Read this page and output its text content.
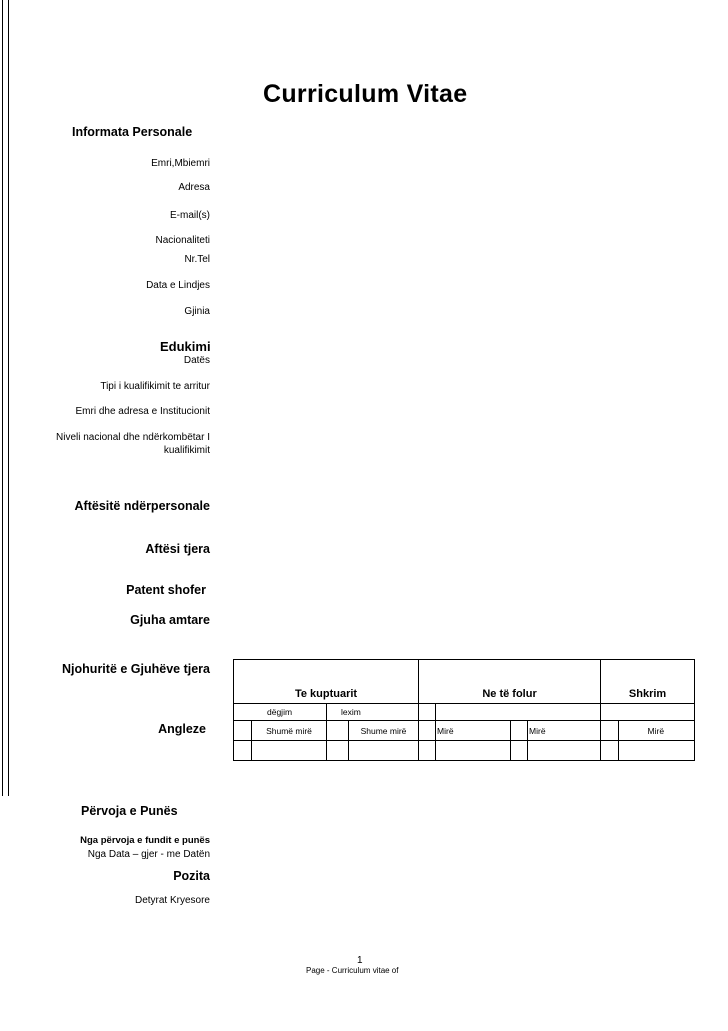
Curriculum Vitae
Informata Personale
Emri,Mbiemri
Adresa
E-mail(s)
Nacionaliteti
Nr.Tel
Data e Lindjes
Gjinia
Edukimi
Datës
Tipi i kualifikimit te arritur
Emri dhe adresa e Institucionit
Niveli nacional dhe ndërkombëtar I kualifikimit
Aftësitë ndërpersonale
Aftësi tjera
Patent shofer
Gjuha amtare
Njohuritë e Gjuhëve tjera
Angleze
Te kuptuarit				Ne të folur				Shkrim	
dëgjim		lexim							
	Shumë mirë		Shume mirë		Mirë		Mirë		Mirë

Përvoja e Punës
Nga përvoja e fundit e punës
Nga Data – gjer - me Datën
Pozita
Detyrat Kryesore
1
Page - Curriculum vitae of
